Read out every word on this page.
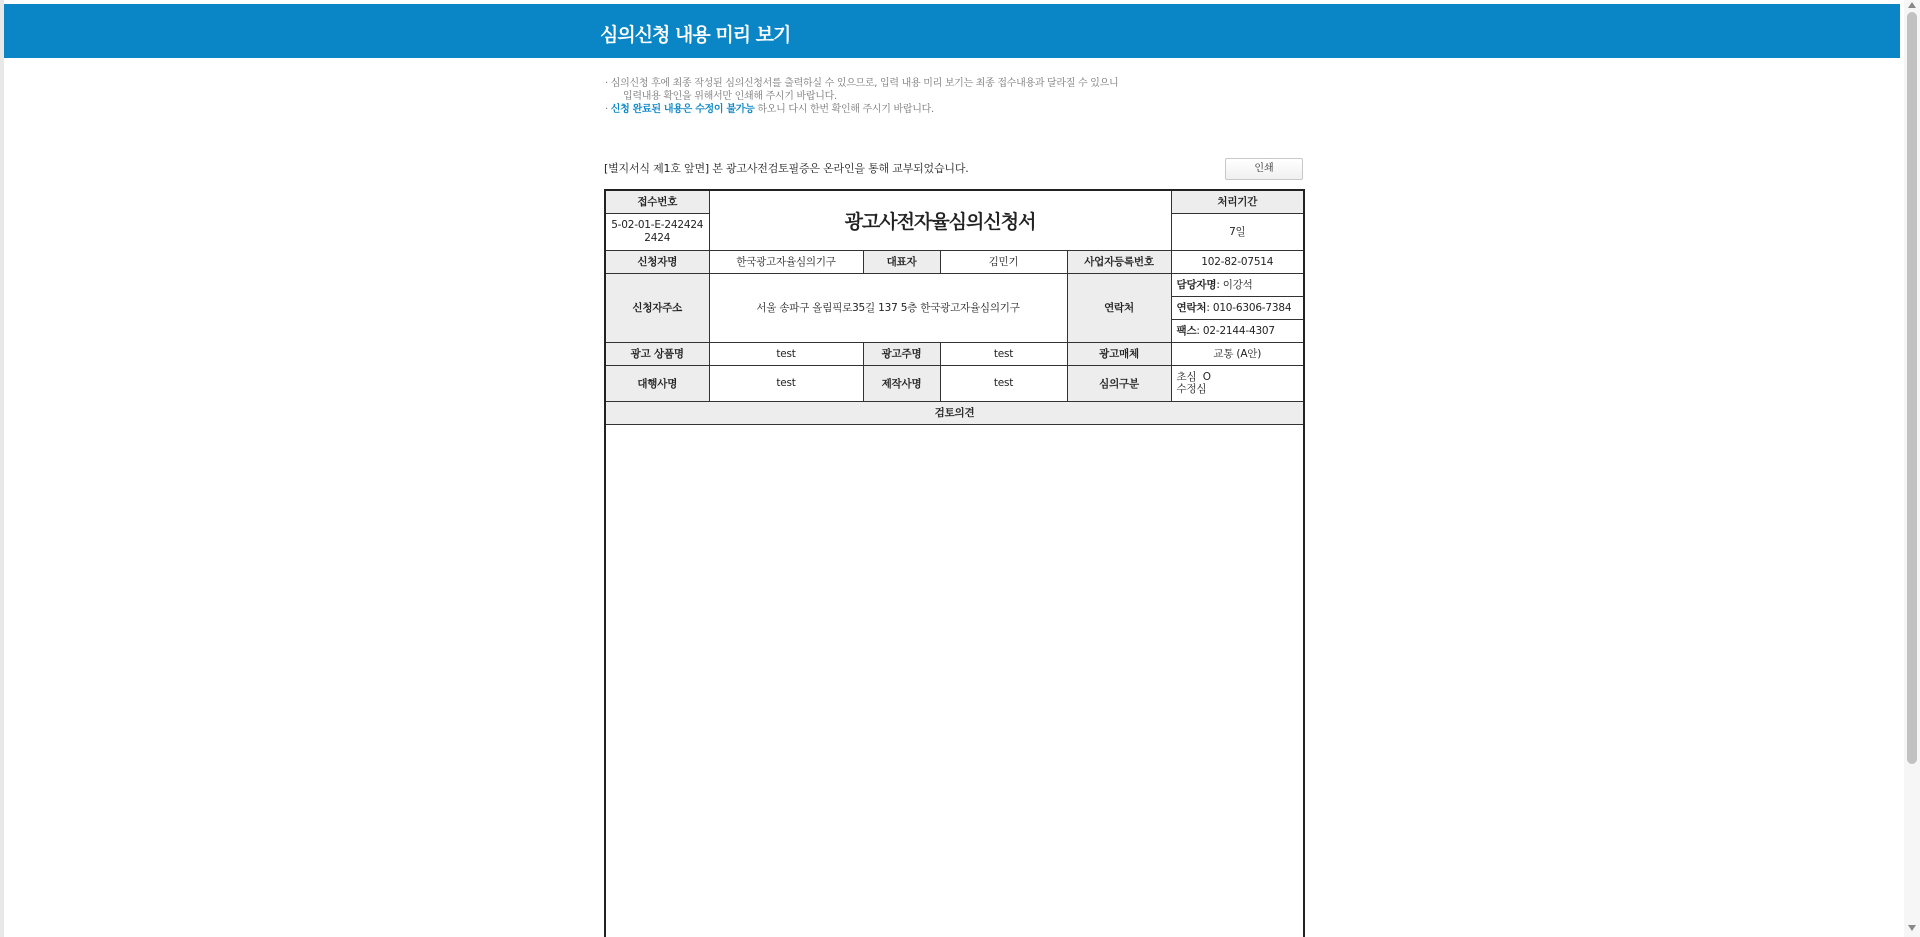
심의신청 내용 미리 보기
· 심의신청 후에 최종 작성된 심의신청서를 출력하실 수 있으므로, 입력 내용 미리 보기는 최종 접수내용과 달라질 수 있으니
입력내용 확인을 위해서만 인쇄해 주시기 바랍니다.
· 신청 완료된 내용은 수정이 불가능 하오니 다시 한번 확인해 주시기 바랍니다.
[별지서식 제1호 앞면] 본 광고사전검토필증은 온라인을 통해 교부되었습니다.	인쇄
접수번호	광고사전자율심의신청서				처리기간
5-02-01-E-2424242424					7일
신청자명	한국광고자율심의기구	대표자	김민기	사업자등록번호	102-82-07514
신청자주소	서울 송파구 올림픽로35길 137 5층 한국광고자율심의기구			연락처	담당자명: 이강석
					연락처: 010-6306-7384
					팩스: 02-2144-4307
광고 상품명	test	광고주명	test	광고매체	교통 (A안)
대행사명	test	제작사명	test	심의구분	초심  O
수정심

검토의견					
